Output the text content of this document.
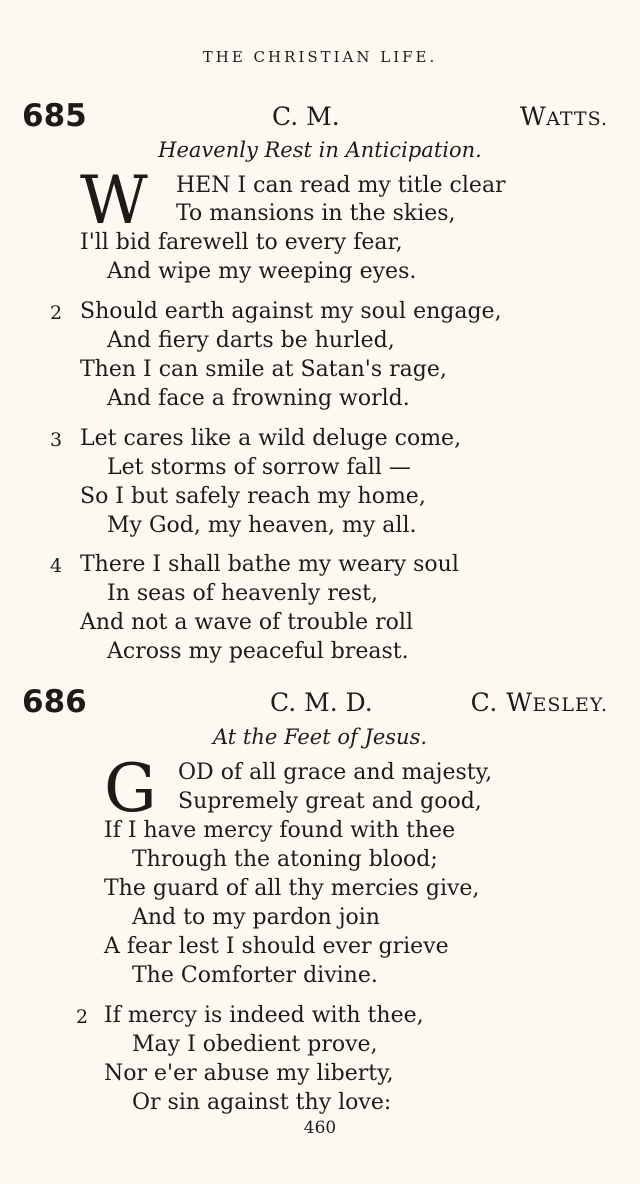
THE CHRISTIAN LIFE.
685	C. M.	WATTS.
Heavenly Rest in Anticipation.
W HEN I can read my title clear
To mansions in the skies,
I'll bid farewell to every fear,
And wipe my weeping eyes.
2 Should earth against my soul engage,
And fiery darts be hurled,
Then I can smile at Satan's rage,
And face a frowning world.
3 Let cares like a wild deluge come,
Let storms of sorrow fall —
So I but safely reach my home,
My God, my heaven, my all.
4 There I shall bathe my weary soul
In seas of heavenly rest,
And not a wave of trouble roll
Across my peaceful breast.
686	C. M. D.	C. WESLEY.
At the Feet of Jesus.
G OD of all grace and majesty,
Supremely great and good,
If I have mercy found with thee
Through the atoning blood;
The guard of all thy mercies give,
And to my pardon join
A fear lest I should ever grieve
The Comforter divine.
2 If mercy is indeed with thee,
May I obedient prove,
Nor e'er abuse my liberty,
Or sin against thy love:
460
